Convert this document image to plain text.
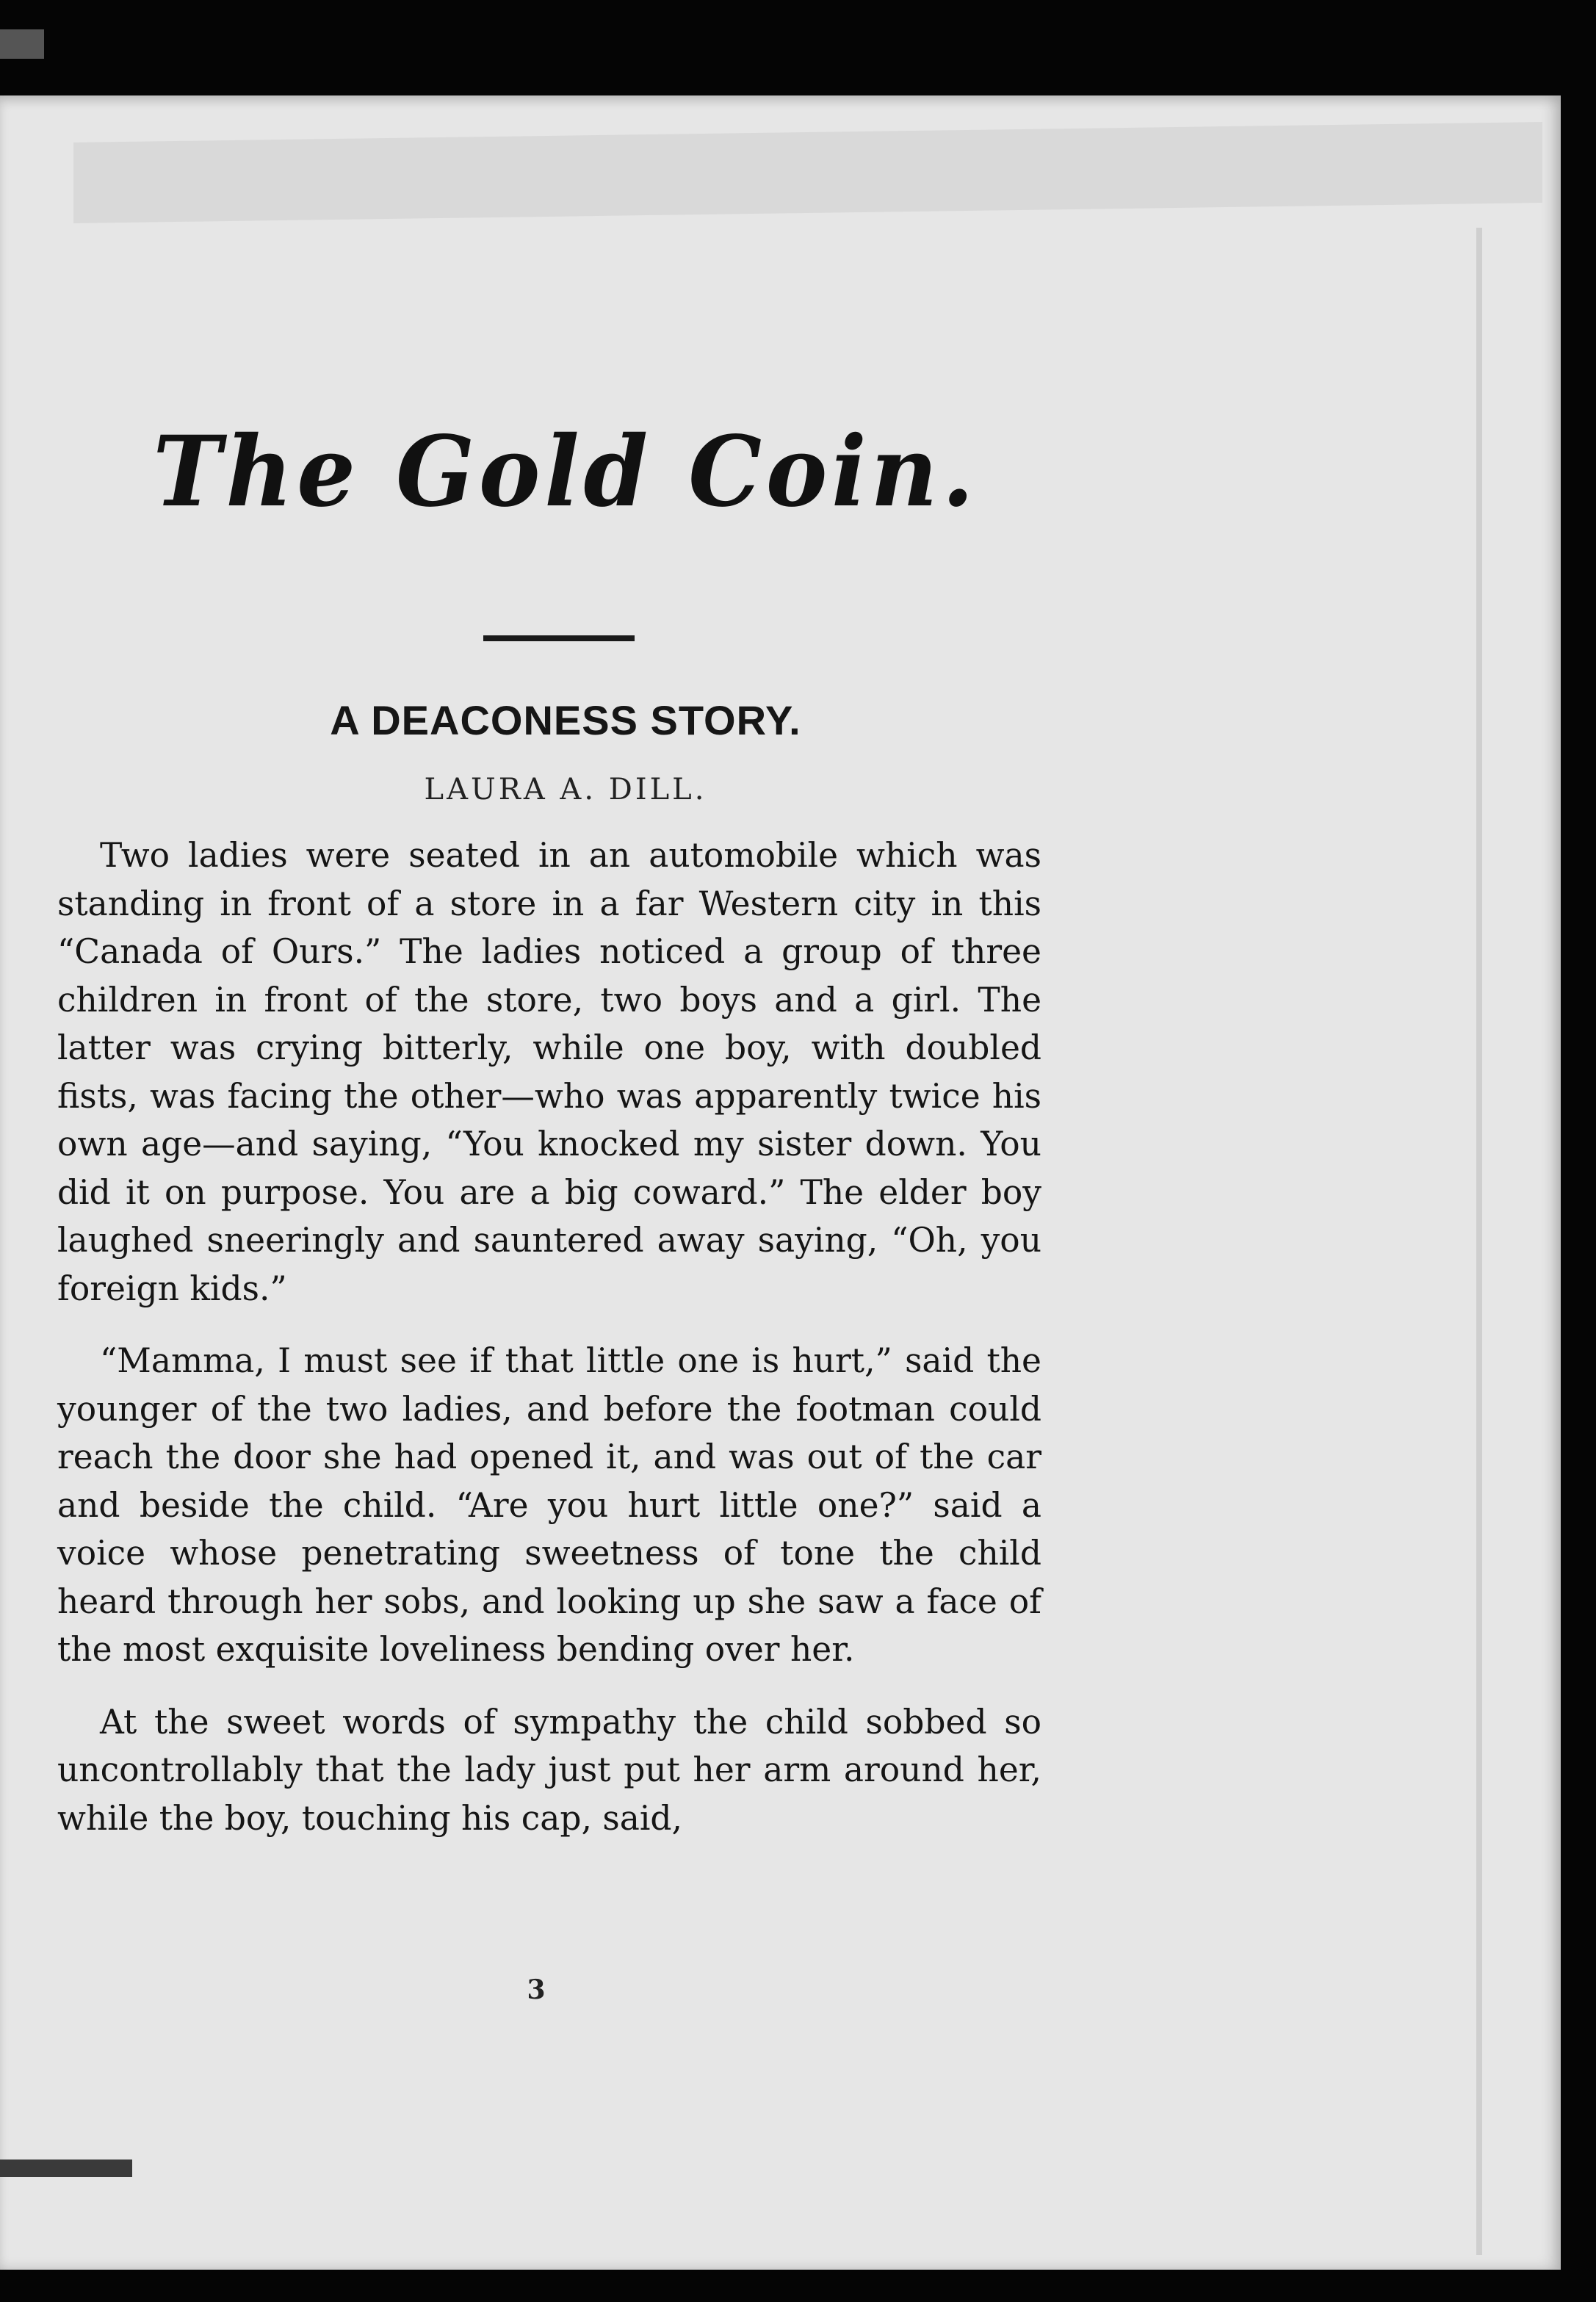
The Gold Coin.
A DEACONESS STORY.
LAURA A. DILL.

Two ladies were seated in an automobile which was standing in front of a store in a far Western city in this “Canada of Ours.” The ladies noticed a group of three children in front of the store, two boys and a girl. The latter was crying bitterly, while one boy, with doubled fists, was facing the other—who was apparently twice his own age—and saying, “You knocked my sister down. You did it on purpose. You are a big coward.” The elder boy laughed sneeringly and sauntered away saying, “Oh, you foreign kids.”

“Mamma, I must see if that little one is hurt,” said the younger of the two ladies, and before the footman could reach the door she had opened it, and was out of the car and beside the child. “Are you hurt little one?” said a voice whose penetrating sweetness of tone the child heard through her sobs, and looking up she saw a face of the most exquisite loveliness bending over her.

At the sweet words of sympathy the child sobbed so uncontrollably that the lady just put her arm around her, while the boy, touching his cap, said,

3
